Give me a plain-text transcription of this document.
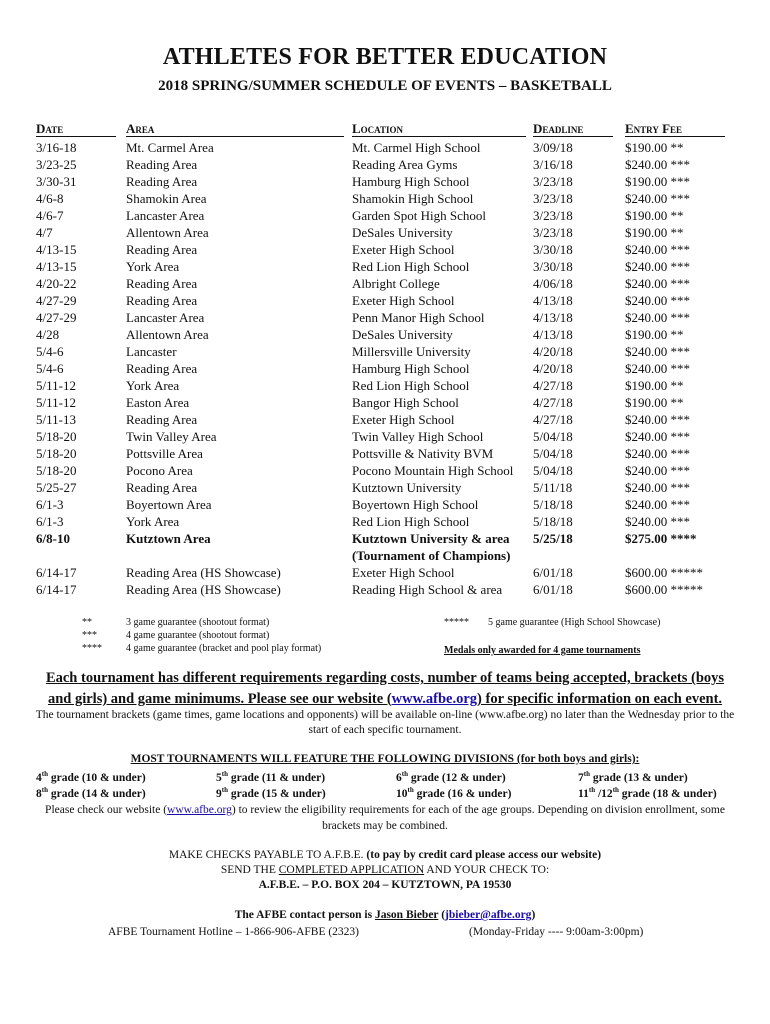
ATHLETES FOR BETTER EDUCATION
2018 SPRING/SUMMER SCHEDULE OF EVENTS – BASKETBALL
Date	Area	Location	Deadline	Entry Fee
3/16-18	Mt. Carmel Area	Mt. Carmel High School	3/09/18	$190.00 **
3/23-25	Reading Area	Reading Area Gyms	3/16/18	$240.00 ***
3/30-31	Reading Area	Hamburg High School	3/23/18	$190.00 ***
4/6-8	Shamokin Area	Shamokin High School	3/23/18	$240.00 ***
4/6-7	Lancaster Area	Garden Spot High School	3/23/18	$190.00 **
4/7	Allentown Area	DeSales University	3/23/18	$190.00 **
4/13-15	Reading Area	Exeter High School	3/30/18	$240.00 ***
4/13-15	York Area	Red Lion High School	3/30/18	$240.00 ***
4/20-22	Reading Area	Albright College	4/06/18	$240.00 ***
4/27-29	Reading Area	Exeter High School	4/13/18	$240.00 ***
4/27-29	Lancaster Area	Penn Manor High School	4/13/18	$240.00 ***
4/28	Allentown Area	DeSales University	4/13/18	$190.00 **
5/4-6	Lancaster	Millersville University	4/20/18	$240.00 ***
5/4-6	Reading Area	Hamburg High School	4/20/18	$240.00 ***
5/11-12	York Area	Red Lion High School	4/27/18	$190.00 **
5/11-12	Easton Area	Bangor High School	4/27/18	$190.00 **
5/11-13	Reading Area	Exeter High School	4/27/18	$240.00 ***
5/18-20	Twin Valley Area	Twin Valley High School	5/04/18	$240.00 ***
5/18-20	Pottsville Area	Pottsville & Nativity BVM	5/04/18	$240.00 ***
5/18-20	Pocono Area	Pocono Mountain High School 5/04/18	$240.00 ***
5/25-27	Reading Area	Kutztown University	5/11/18	$240.00 ***
6/1-3	Boyertown Area	Boyertown High School	5/18/18	$240.00 ***
6/1-3	York Area	Red Lion High School	5/18/18	$240.00 ***
6/8-10	Kutztown Area	Kutztown University & area 5/25/18	$275.00 ****
(Tournament of Champions)
6/14-17	Reading Area (HS Showcase)	Exeter High School	6/01/18	$600.00 *****
6/14-17	Reading Area (HS Showcase)	Reading High School & area 6/01/18	$600.00 *****
**	3 game guarantee (shootout format)
***	4 game guarantee (shootout format)
**** 4 game guarantee (bracket and pool play format)
***** 5 game guarantee (High School Showcase)
Medals only awarded for 4 game tournaments
Each tournament has different requirements regarding costs, number of teams being accepted, brackets (boys
and girls) and game minimums. Please see our website (www.afbe.org) for specific information on each event.
The tournament brackets (game times, game locations and opponents) will be available on-line (www.afbe.org) no later than the Wednesday prior to the start of each specific tournament.
MOST TOURNAMENTS WILL FEATURE THE FOLLOWING DIVISIONS (for both boys and girls):
4th grade (10 & under)	5th grade (11 & under)	6th grade (12 & under)	7th grade (13 & under)
8th grade (14 & under)	9th grade (15 & under)	10th grade (16 & under)	11th /12th grade (18 & under)
Please check our website (www.afbe.org) to review the eligibility requirements for each of the age groups. Depending on division enrollment, some brackets may be combined.
MAKE CHECKS PAYABLE TO A.F.B.E. (to pay by credit card please access our website)
SEND THE COMPLETED APPLICATION AND YOUR CHECK TO:
A.F.B.E. – P.O. BOX 204 – KUTZTOWN, PA 19530
The AFBE contact person is Jason Bieber (jbieber@afbe.org)
AFBE Tournament Hotline – 1-866-906-AFBE (2323)	(Monday-Friday ---- 9:00am-3:00pm)
